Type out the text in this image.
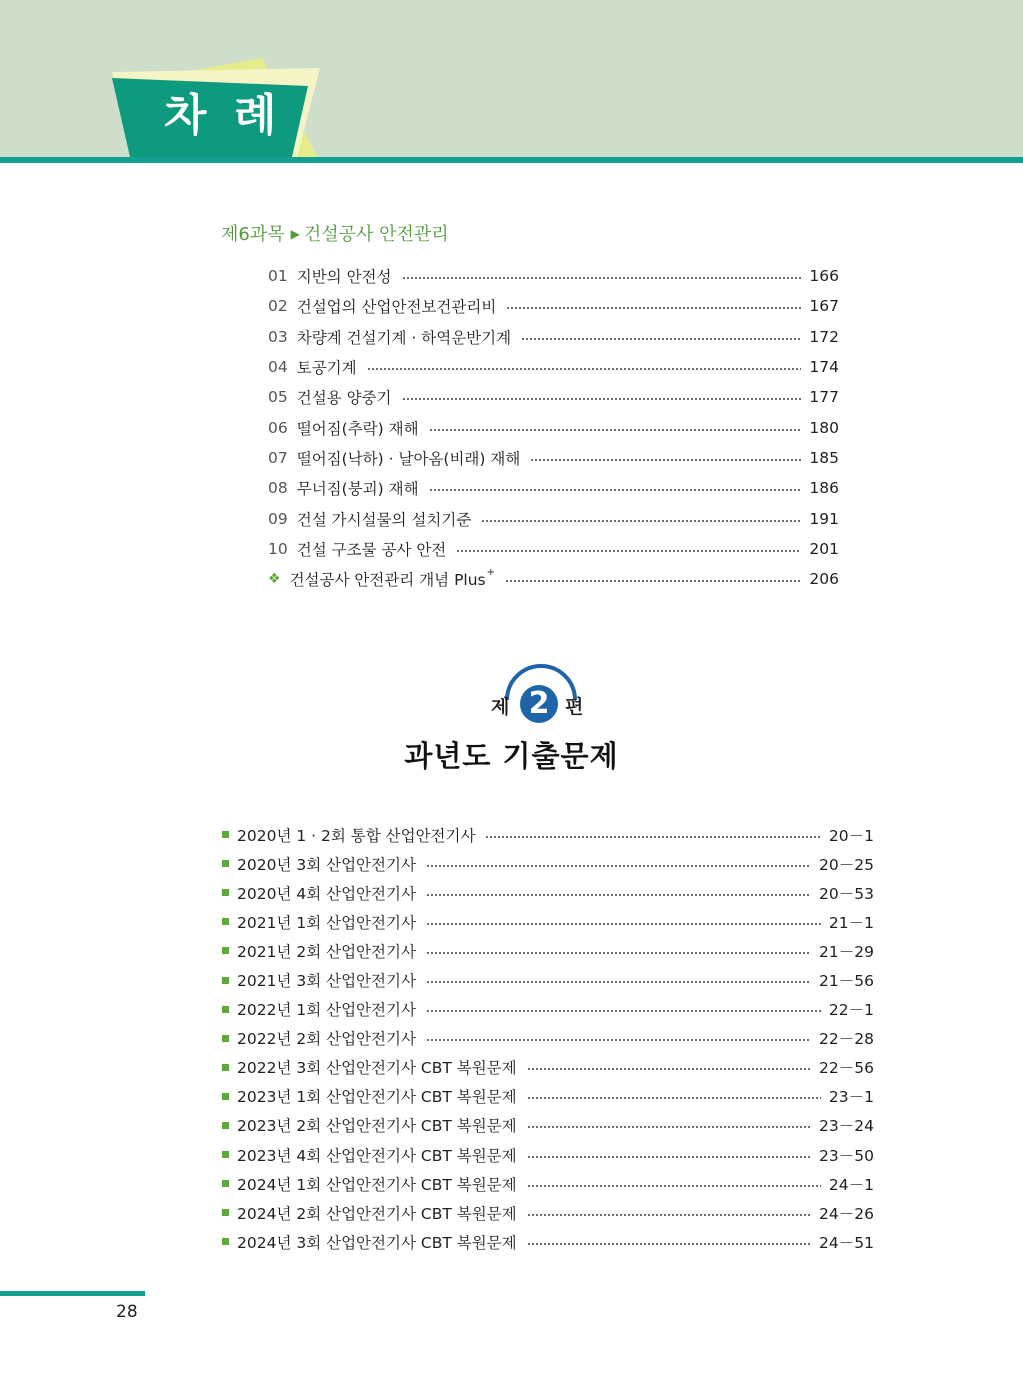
차 례
제6과목 ▶ 건설공사 안전관리
01 지반의 안전성	166
02 건설업의 산업안전보건관리비	167
03 차량계 건설기계 · 하역운반기계	172
04 토공기계	174
05 건설용 양중기	177
06 떨어짐(추락) 재해	180
07 떨어짐(낙하) · 날아옴(비래) 재해	185
08 무너짐(붕괴) 재해	186
09 건설 가시설물의 설치기준	191
10 건설 구조물 공사 안전	201
❖ 건설공사 안전관리 개념 Plus +	206
제 2 편
과년도 기출문제
2020년 1 · 2회 통합 산업안전기사	20－1
2020년 3회 산업안전기사	20－25
2020년 4회 산업안전기사	20－53
2021년 1회 산업안전기사	21－1
2021년 2회 산업안전기사	21－29
2021년 3회 산업안전기사	21－56
2022년 1회 산업안전기사	22－1
2022년 2회 산업안전기사	22－28
2022년 3회 산업안전기사 CBT 복원문제	22－56
2023년 1회 산업안전기사 CBT 복원문제	23－1
2023년 2회 산업안전기사 CBT 복원문제	23－24
2023년 4회 산업안전기사 CBT 복원문제	23－50
2024년 1회 산업안전기사 CBT 복원문제	24－1
2024년 2회 산업안전기사 CBT 복원문제	24－26
2024년 3회 산업안전기사 CBT 복원문제	24－51
28
